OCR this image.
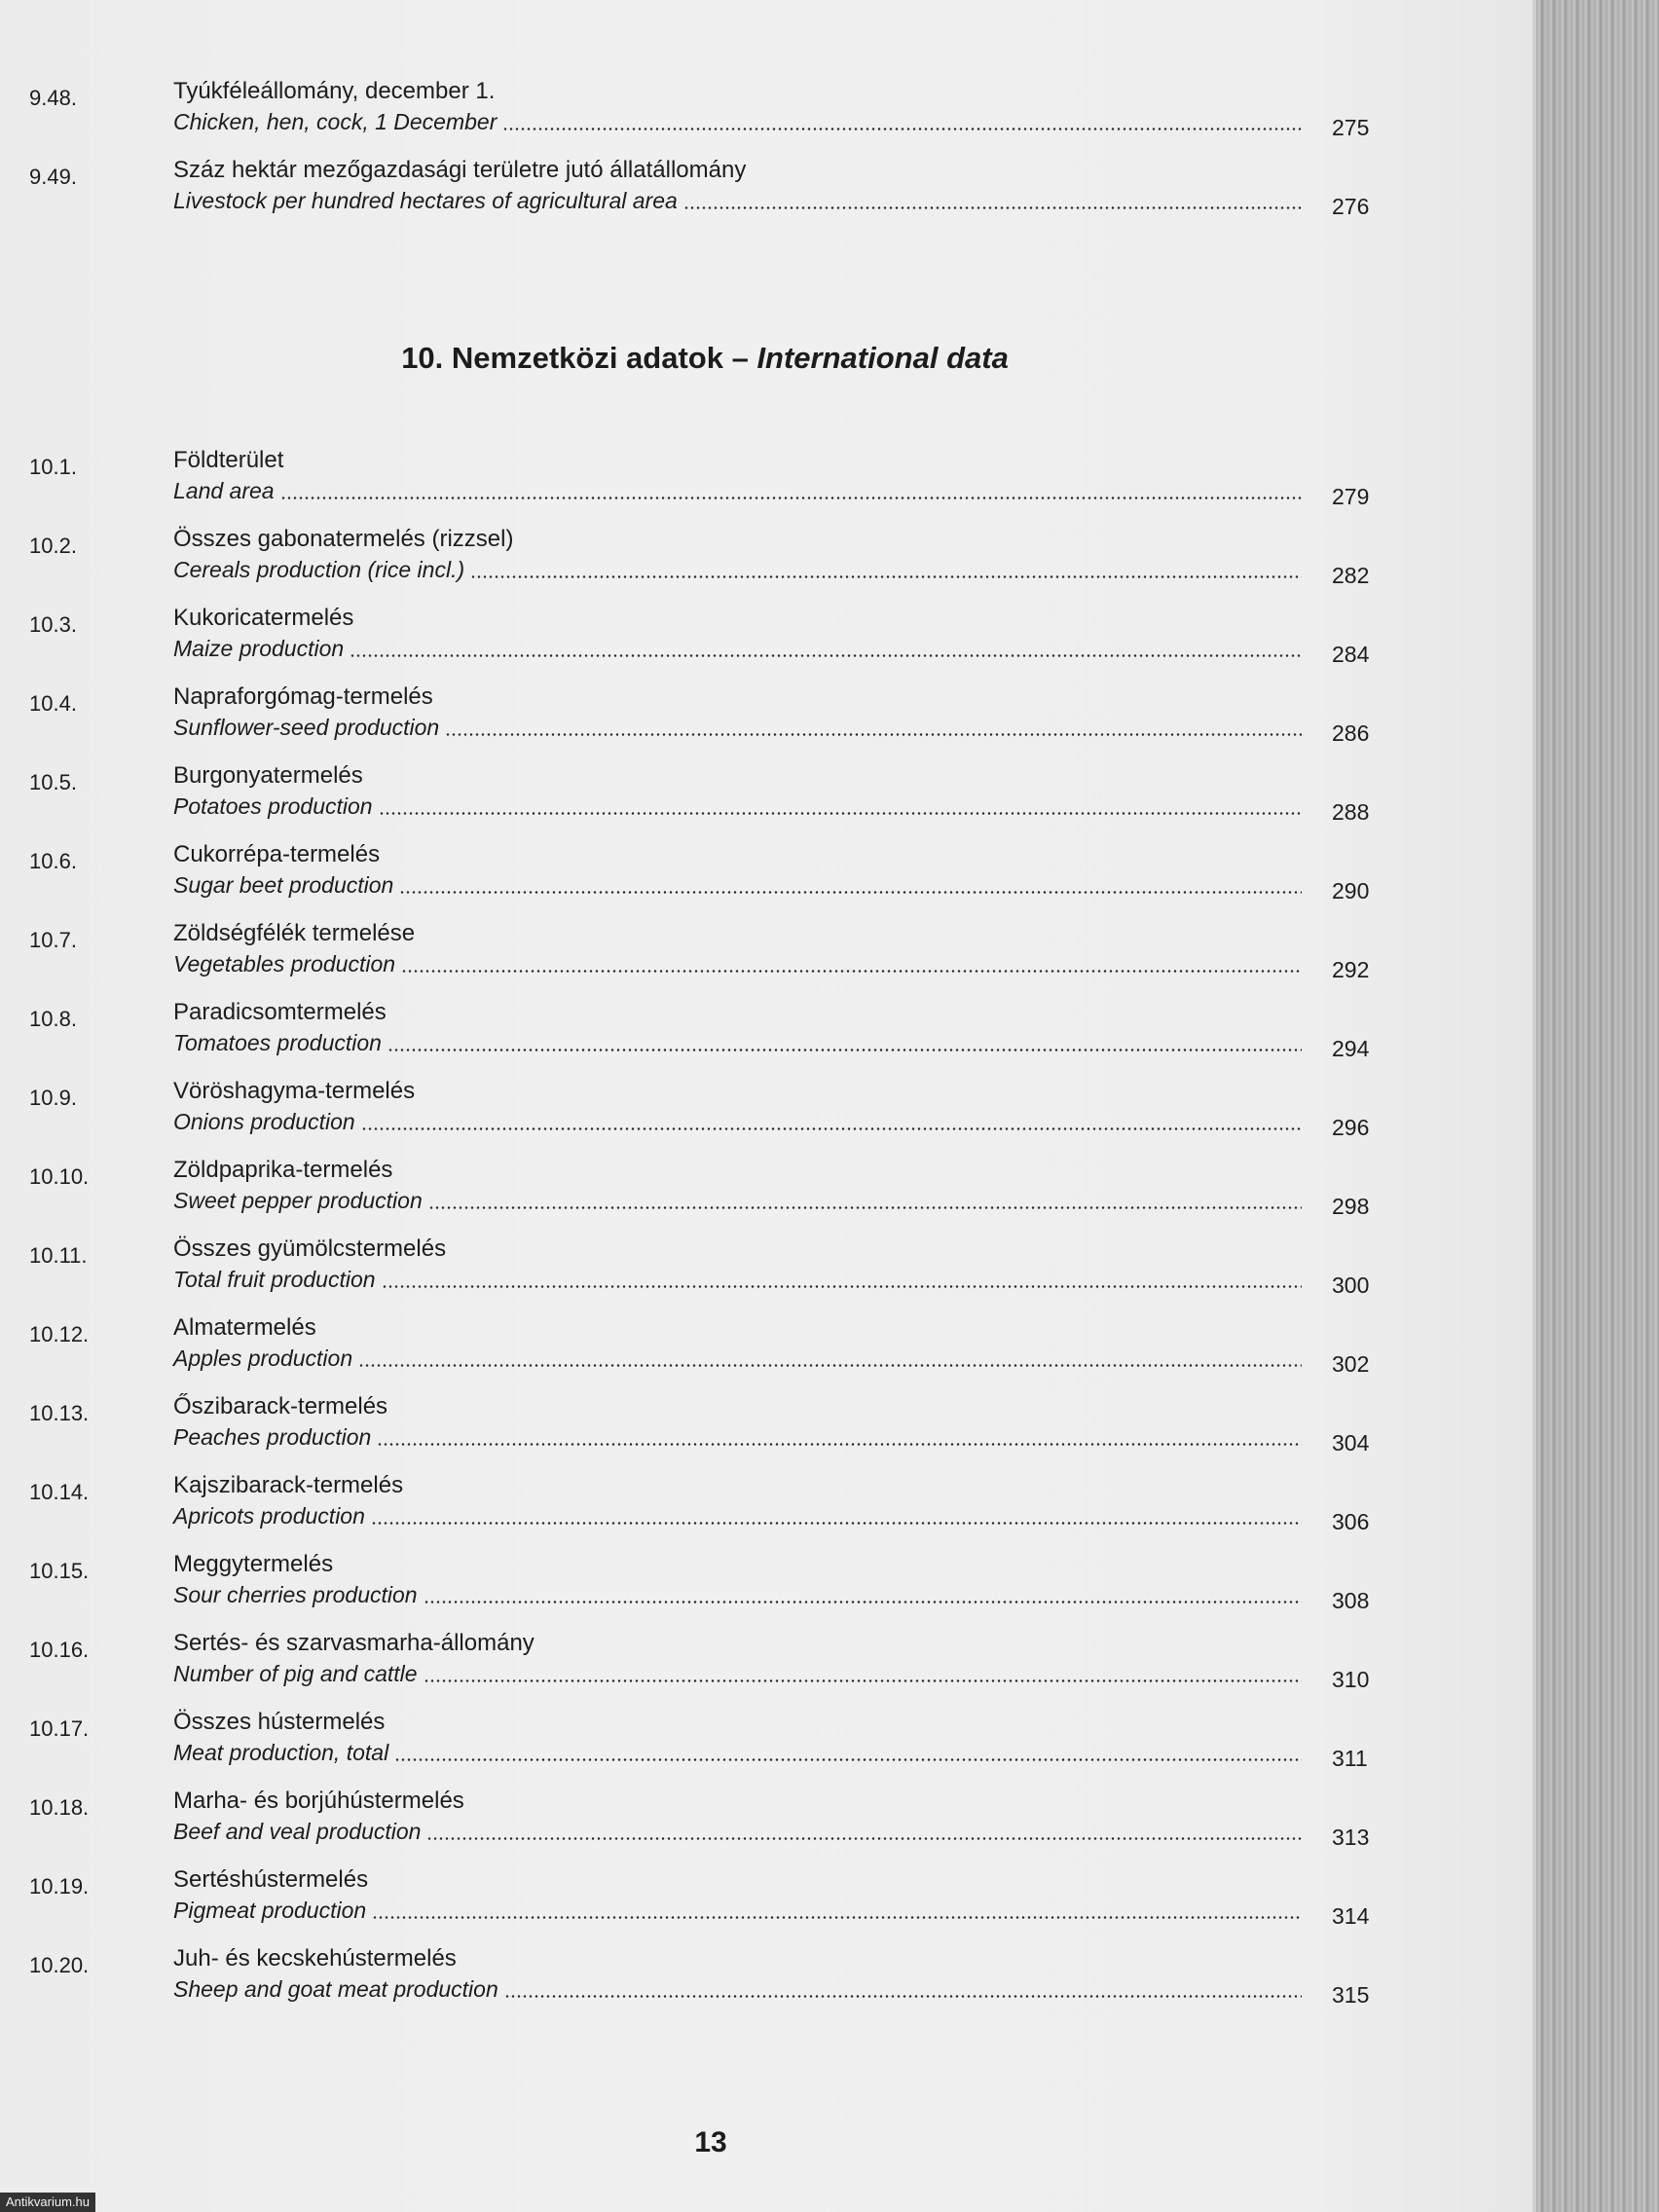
9.48.	Tyúkféleállomány, december 1.
Chicken, hen, cock, 1 December	275
9.49.	Száz hektár mezőgazdasági területre jutó állatállomány
Livestock per hundred hectares of agricultural area	276
10. Nemzetközi adatok – International data
10.1.	Földterület
Land area	279
10.2.	Összes gabonatermelés (rizzsel)
Cereals production (rice incl.)	282
10.3.	Kukoricatermelés
Maize production	284
10.4.	Napraforgómag-termelés
Sunflower-seed production	286
10.5.	Burgonyatermelés
Potatoes production	288
10.6.	Cukorrépa-termelés
Sugar beet production	290
10.7.	Zöldségfélék termelése
Vegetables production	292
10.8.	Paradicsomtermelés
Tomatoes production	294
10.9.	Vöröshagyma-termelés
Onions production	296
10.10.	Zöldpaprika-termelés
Sweet pepper production	298
10.11.	Összes gyümölcstermelés
Total fruit production	300
10.12.	Almatermelés
Apples production	302
10.13.	Őszibarack-termelés
Peaches production	304
10.14.	Kajszibarack-termelés
Apricots production	306
10.15.	Meggytermelés
Sour cherries production	308
10.16.	Sertés- és szarvasmarha-állomány
Number of pig and cattle	310
10.17.	Összes hústermelés
Meat production, total	311
10.18.	Marha- és borjúhústermelés
Beef and veal production	313
10.19.	Sertéshústermelés
Pigmeat production	314
10.20.	Juh- és kecskehústermelés
Sheep and goat meat production	315
13
Antikvarium.hu
